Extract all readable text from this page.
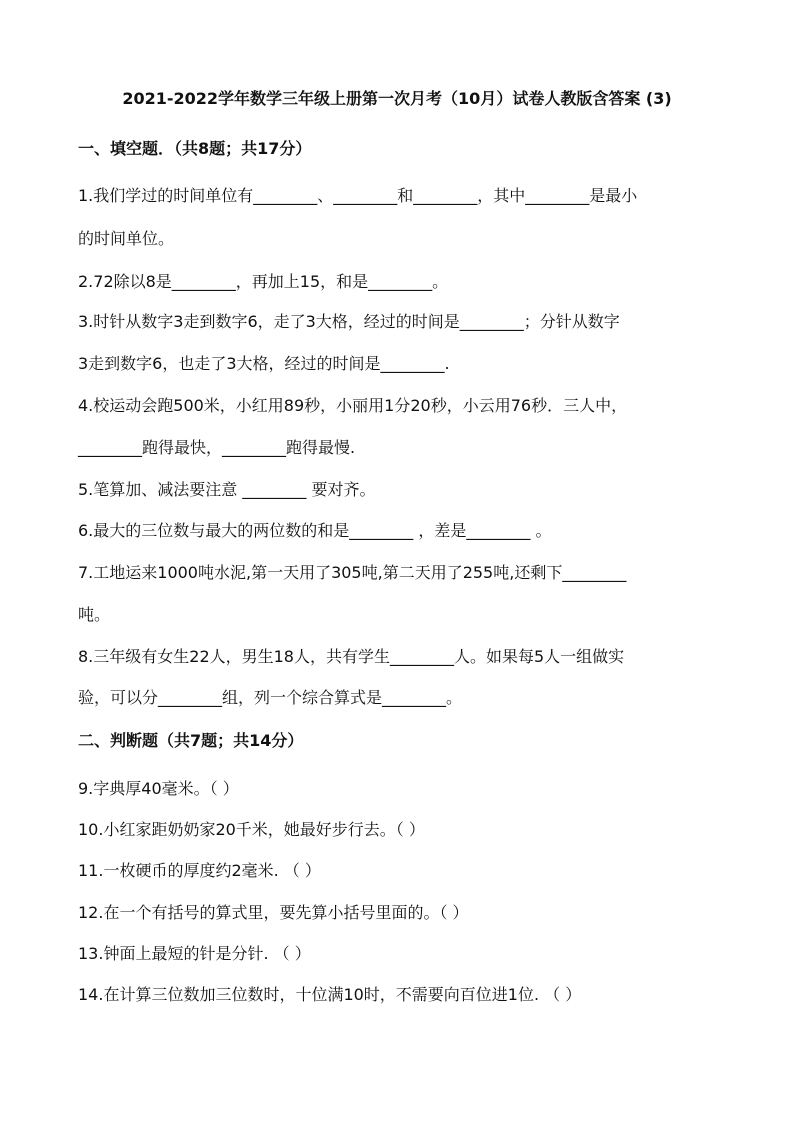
2021-2022学年数学三年级上册第一次月考（10月）试卷人教版含答案 (3)
一、填空题．（共8题；共17分）
1.我们学过的时间单位有________、________和________，其中________是最小
的时间单位。
2.72除以8是________，再加上15，和是________。
3.时针从数字3走到数字6，走了3大格，经过的时间是________；分针从数字
3走到数字6，也走了3大格，经过的时间是________.
4.校运动会跑500米，小红用89秒，小丽用1分20秒，小云用76秒．三人中，
________跑得最快，________跑得最慢.
5.笔算加、减法要注意 ________ 要对齐。
6.最大的三位数与最大的两位数的和是________ ，差是________ 。
7.工地运来1000吨水泥,第一天用了305吨,第二天用了255吨,还剩下________
吨。
8.三年级有女生22人，男生18人，共有学生________人。如果每5人一组做实
验，可以分________组，列一个综合算式是________。
二、判断题（共7题；共14分）
9.字典厚40毫米。（ ）
10.小红家距奶奶家20千米，她最好步行去。（ ）
11.一枚硬币的厚度约2毫米. （ ）
12.在一个有括号的算式里，要先算小括号里面的。（ ）
13.钟面上最短的针是分针. （ ）
14.在计算三位数加三位数时，十位满10时，不需要向百位进1位. （ ）
